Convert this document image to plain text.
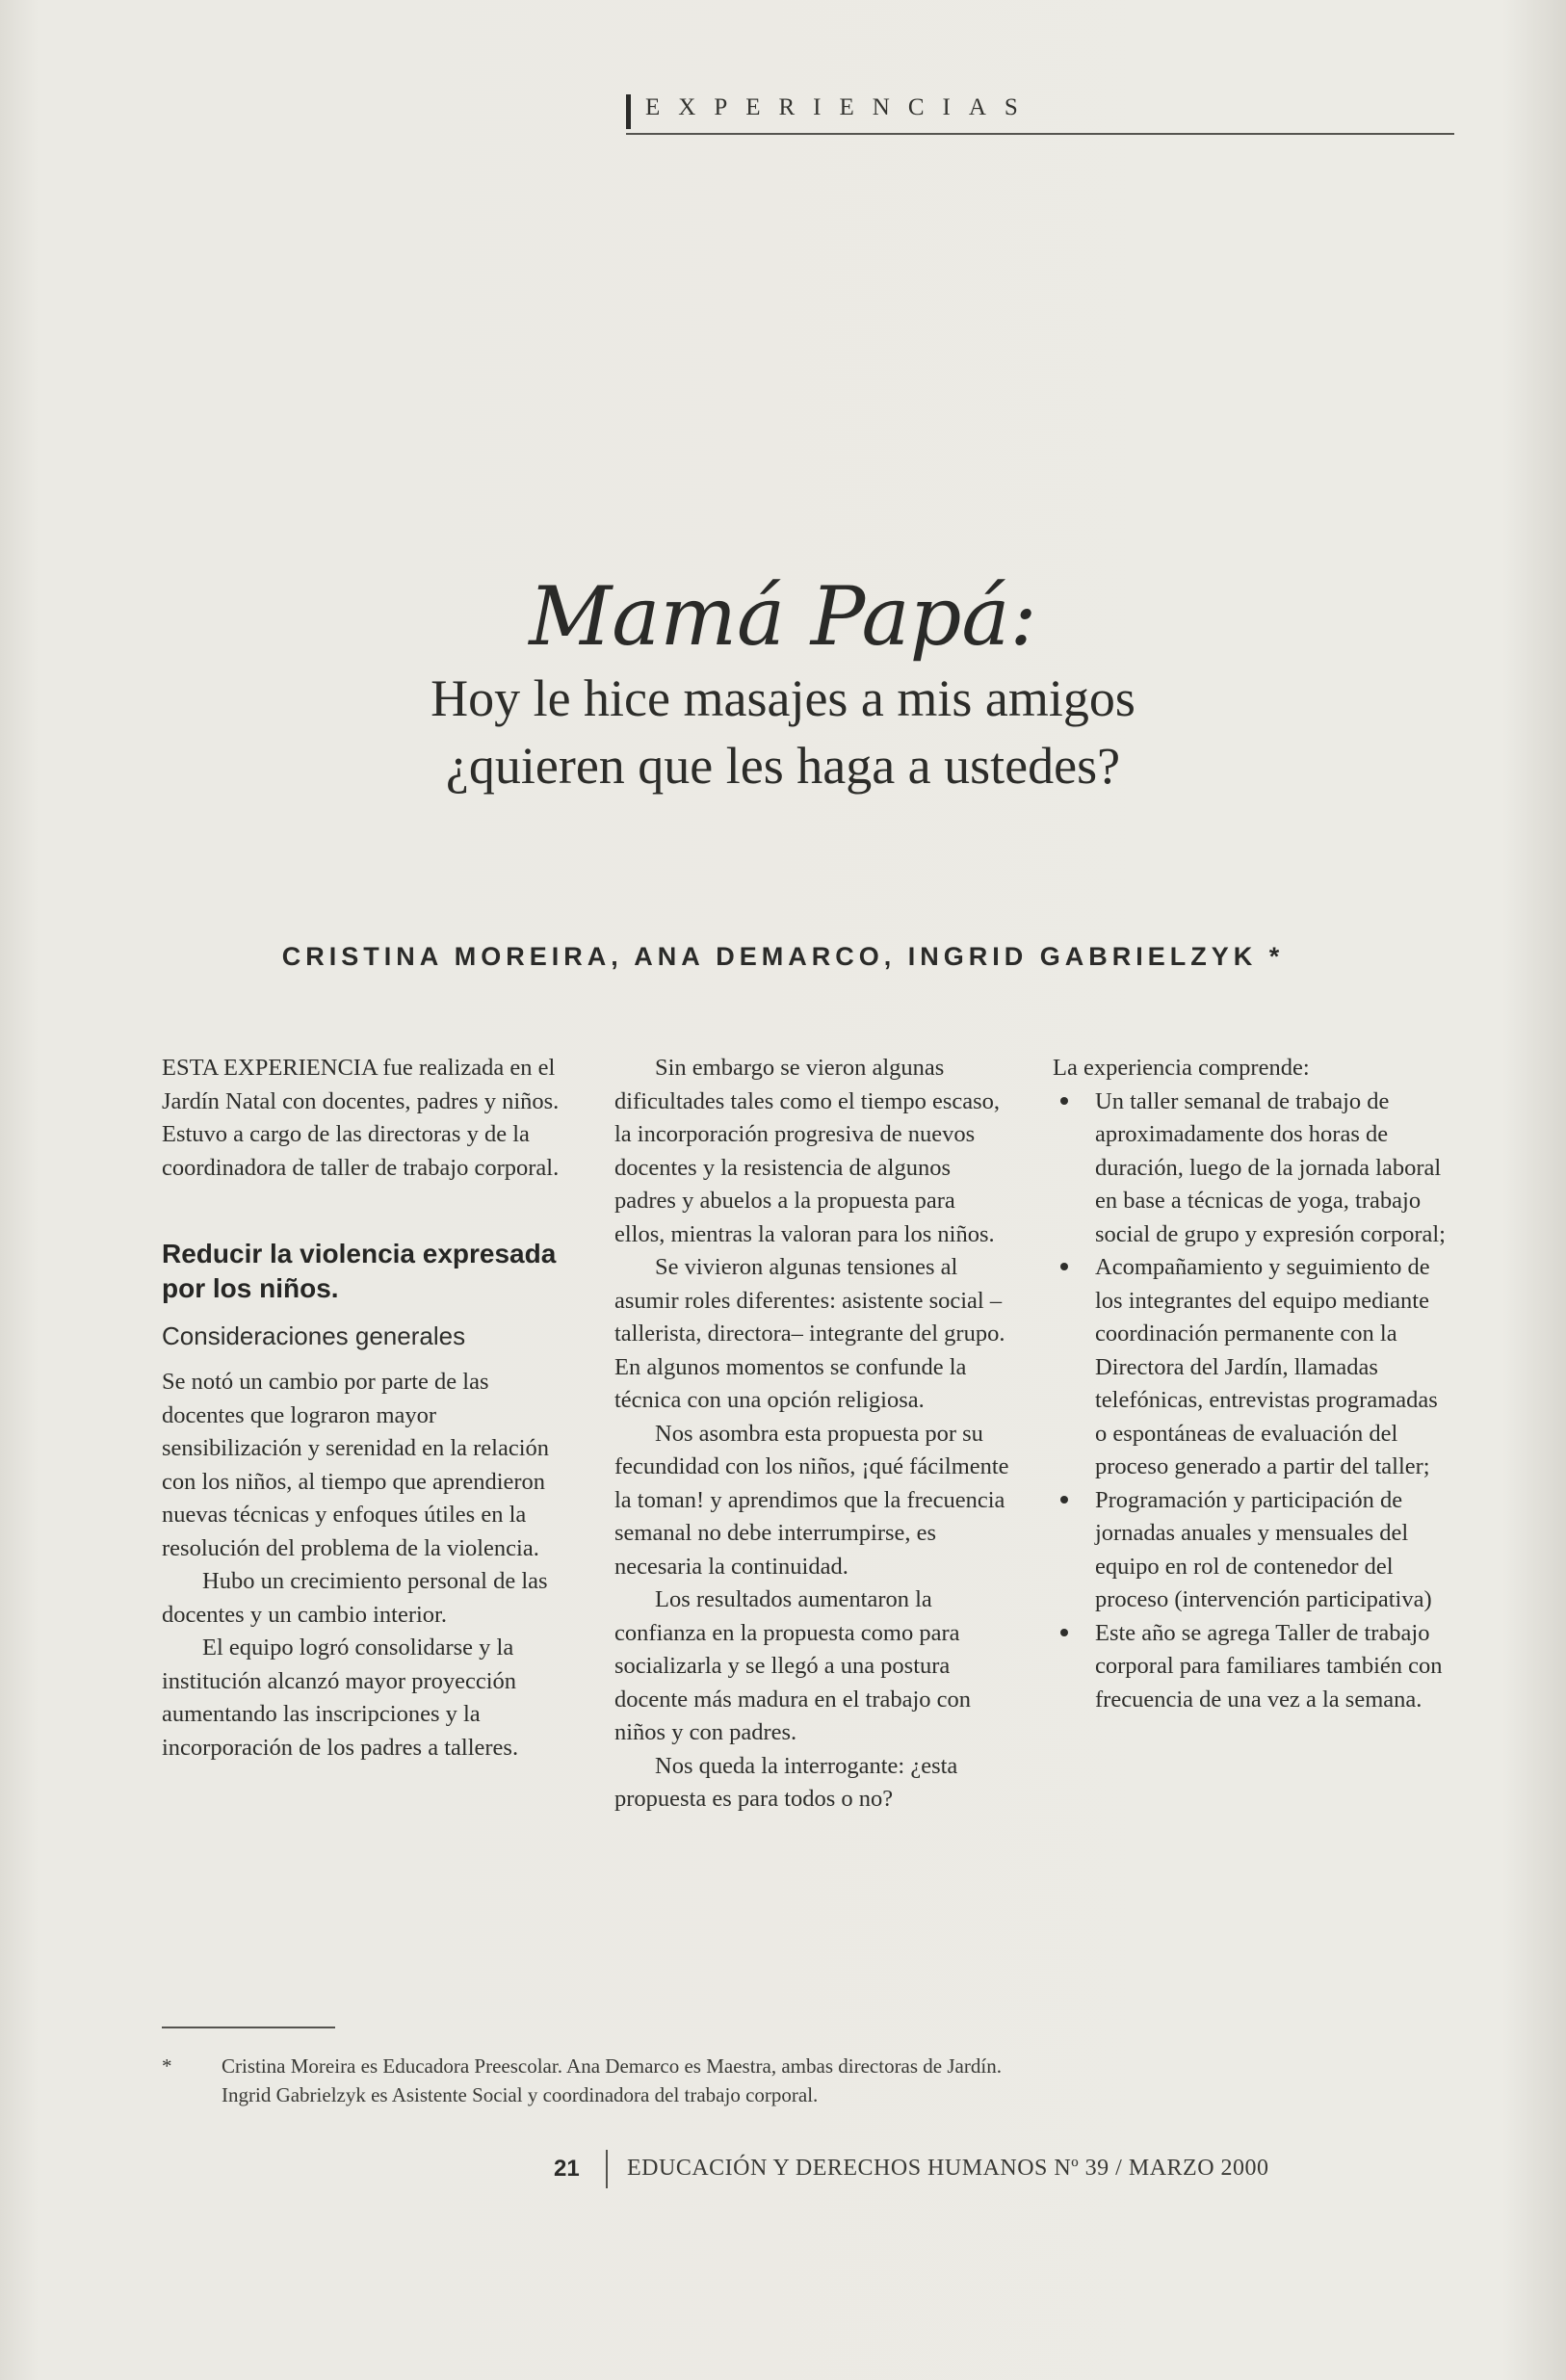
EXPERIENCIAS

Mamá Papá:

Hoy le hice masajes a mis amigos

¿quieren que les haga a ustedes?

CRISTINA MOREIRA, ANA DEMARCO, INGRID GABRIELZYK *

ESTA EXPERIENCIA fue realizada en el Jardín Natal con docentes, padres y niños. Estuvo a cargo de las directoras y de la coordinadora de taller de trabajo corporal.

Reducir la violencia expresada por los niños.

Consideraciones generales

Se notó un cambio por parte de las docentes que lograron mayor sensibilización y serenidad en la relación con los niños, al tiempo que aprendieron nuevas técnicas y enfoques útiles en la resolución del problema de la violencia.

Hubo un crecimiento personal de las docentes y un cambio interior.

El equipo logró consolidarse y la institución alcanzó mayor proyección aumentando las inscripciones y la incorporación de los padres a talleres.

Sin embargo se vieron algunas dificultades tales como el tiempo escaso, la incorporación progresiva de nuevos docentes y la resistencia de algunos padres y abuelos a la propuesta para ellos, mientras la valoran para los niños.

Se vivieron algunas tensiones al asumir roles diferentes: asistente social –tallerista, directora– integrante del grupo. En algunos momentos se confunde la técnica con una opción religiosa.

Nos asombra esta propuesta por su fecundidad con los niños, ¡qué fácilmente la toman! y aprendimos que la frecuencia semanal no debe interrumpirse, es necesaria la continuidad.

Los resultados aumentaron la confianza en la propuesta como para socializarla y se llegó a una postura docente más madura en el trabajo con niños y con padres.

Nos queda la interrogante: ¿esta propuesta es para todos o no?

La experiencia comprende:

Un taller semanal de trabajo de aproximadamente dos horas de duración, luego de la jornada laboral en base a técnicas de yoga, trabajo social de grupo y expresión corporal;
Acompañamiento y seguimiento de los integrantes del equipo mediante coordinación permanente con la Directora del Jardín, llamadas telefónicas, entrevistas programadas o espontáneas de evaluación del proceso generado a partir del taller;
Programación y participación de jornadas anuales y mensuales del equipo en rol de contenedor del proceso (intervención participativa)
Este año se agrega Taller de trabajo corporal para familiares también con frecuencia de una vez a la semana.
*	Cristina Moreira es Educadora Preescolar. Ana Demarco es Maestra, ambas directoras de Jardín.

Ingrid Gabrielzyk es Asistente Social y coordinadora del trabajo corporal.

21 EDUCACIÓN Y DERECHOS HUMANOS Nº 39 / MARZO 2000
